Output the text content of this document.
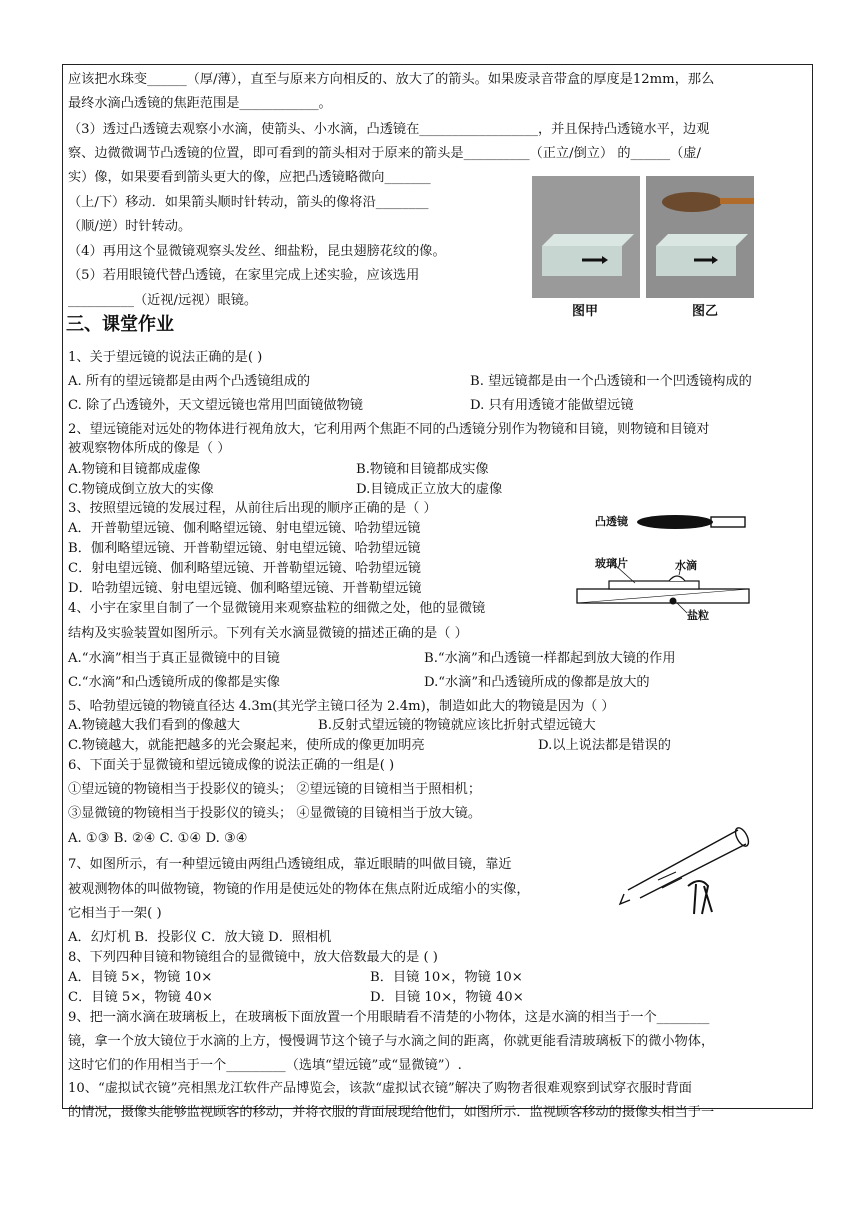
应该把水珠变______（厚/薄），直至与原来方向相反的、放大了的箭头。如果废录音带盒的厚度是12mm，那么
最终水滴凸透镜的焦距范围是____________。
（3）透过凸透镜去观察小水滴，使箭头、小水滴，凸透镜在__________________，并且保持凸透镜水平，边观
察、边微微调节凸透镜的位置，即可看到的箭头相对于原来的箭头是__________（正立/倒立） 的______（虚/
实）像，如果要看到箭头更大的像，应把凸透镜略微向_______
（上/下）移动．如果箭头顺时针转动，箭头的像将沿________
（顺/逆）时针转动。
（4）再用这个显微镜观察头发丝、细盐粉，昆虫翅膀花纹的像。
（5）若用眼镜代替凸透镜，在家里完成上述实验，应该选用
__________（近视/远视）眼镜。
1、关于望远镜的说法正确的是( )
A. 所有的望远镜都是由两个凸透镜组成的	B. 望远镜都是由一个凸透镜和一个凹透镜构成的
C. 除了凸透镜外，天文望远镜也常用凹面镜做物镜	D. 只有用透镜才能做望远镜
2、望远镜能对远处的物体进行视角放大，它利用两个焦距不同的凸透镜分别作为物镜和目镜，则物镜和目镜对
被观察物体所成的像是（ ）
A.物镜和目镜都成虚像	B.物镜和目镜都成实像
C.物镜成倒立放大的实像	D.目镜成正立放大的虚像
3、按照望远镜的发展过程，从前往后出现的顺序正确的是（ ）
A．开普勒望远镜、伽利略望远镜、射电望远镜、哈勃望远镜
B．伽利略望远镜、开普勒望远镜、射电望远镜、哈勃望远镜
C．射电望远镜、伽利略望远镜、开普勒望远镜、哈勃望远镜
D．哈勃望远镜、射电望远镜、伽利略望远镜、开普勒望远镜
4、小宇在家里自制了一个显微镜用来观察盐粒的细微之处，他的显微镜
结构及实验装置如图所示。下列有关水滴显微镜的描述正确的是（ ）
A.“水滴”相当于真正显微镜中的目镜	B.“水滴”和凸透镜一样都起到放大镜的作用
C.“水滴”和凸透镜所成的像都是实像	D.“水滴”和凸透镜所成的像都是放大的
5、哈勃望远镜的物镜直径达 4.3m(其光学主镜口径为 2.4m)，制造如此大的物镜是因为（ ）
A.物镜越大我们看到的像越大	B.反射式望远镜的物镜就应该比折射式望远镜大
C.物镜越大，就能把越多的光会聚起来，使所成的像更加明亮	D.以上说法都是错误的
6、下面关于显微镜和望远镜成像的说法正确的一组是( )
①望远镜的物镜相当于投影仪的镜头； ②望远镜的目镜相当于照相机；
③显微镜的物镜相当于投影仪的镜头； ④显微镜的目镜相当于放大镜。
A. ①③ B. ②④ C. ①④ D. ③④
7、如图所示，有一种望远镜由两组凸透镜组成，靠近眼睛的叫做目镜，靠近
被观测物体的叫做物镜，物镜的作用是使远处的物体在焦点附近成缩小的实像，
它相当于一架( )
A．幻灯机 B．投影仪 C．放大镜 D．照相机
8、下列四种目镜和物镜组合的显微镜中，放大倍数最大的是 ( )
A．目镜 5×，物镜 10×	B．目镜 10×，物镜 10×
C．目镜 5×，物镜 40×	D．目镜 10×，物镜 40×
9、把一滴水滴在玻璃板上，在玻璃板下面放置一个用眼睛看不清楚的小物体，这是水滴的相当于一个________
镜，拿一个放大镜位于水滴的上方，慢慢调节这个镜子与水滴之间的距离，你就更能看清玻璃板下的微小物体，
这时它们的作用相当于一个_________（选填“望远镜”或“显微镜”）.
10、“虚拟试衣镜”亮相黑龙江软件产品博览会，该款“虚拟试衣镜”解决了购物者很难观察到试穿衣服时背面
的情况，摄像头能够监视顾客的移动，并将衣服的背面展现给他们，如图所示．监视顾客移动的摄像头相当于一
三、课堂作业
图甲	图乙
凸透镜
玻璃片	水滴
盐粒
